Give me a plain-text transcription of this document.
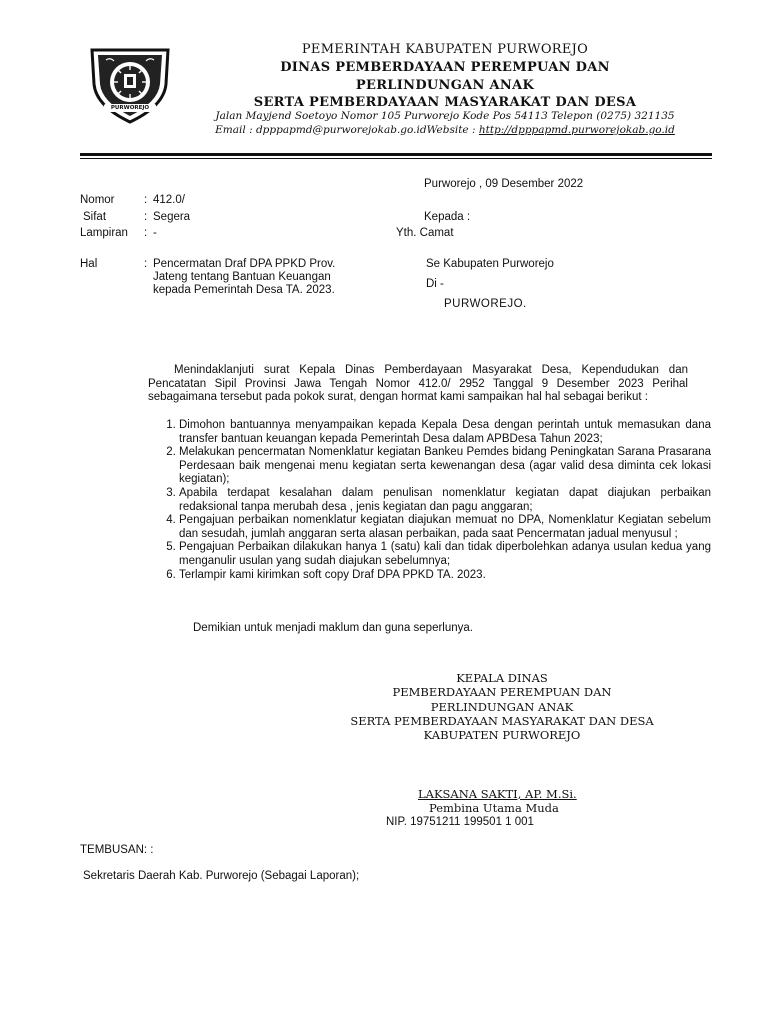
PURWOREJO
PEMERINTAH KABUPATEN PURWOREJO
DINAS PEMBERDAYAAN PEREMPUAN DAN
PERLINDUNGAN ANAK
SERTA PEMBERDAYAAN MASYARAKAT DAN DESA
Jalan Mayjend Soetoyo Nomor 105 Purworejo Kode Pos 54113 Telepon (0275) 321135
Email : dpppapmd@purworejokab.go.idWebsite : http://dpppapmd.purworejokab.go.id
Purworejo , 09 Desember 2022
Nomor	: 412.0/
Sifat	: Segera
Lampiran : -
Hal	: Pencermatan Draf DPA PPKD Prov.
Jateng tentang Bantuan Keuangan
kepada Pemerintah Desa TA. 2023.
Kepada :
Yth. Camat
Se Kabupaten Purworejo
Di -
PURWOREJO.

Menindaklanjuti surat Kepala Dinas Pemberdayaan Masyarakat Desa, Kependudukan dan Pencatatan Sipil Provinsi Jawa Tengah Nomor 412.0/ 2952 Tanggal 9 Desember 2023 Perihal sebagaimana tersebut pada pokok surat, dengan hormat kami sampaikan hal hal sebagai berikut :

1. Dimohon bantuannya menyampaikan kepada Kepala Desa dengan perintah untuk memasukan dana transfer bantuan keuangan kepada Pemerintah Desa dalam APBDesa Tahun 2023;
2. Melakukan pencermatan Nomenklatur kegiatan Bankeu Pemdes bidang Peningkatan Sarana Prasarana Perdesaan baik mengenai menu kegiatan serta kewenangan desa (agar valid desa diminta cek lokasi kegiatan);
3. Apabila terdapat kesalahan dalam penulisan nomenklatur kegiatan dapat diajukan perbaikan redaksional tanpa merubah desa , jenis kegiatan dan pagu anggaran;
4. Pengajuan perbaikan nomenklatur kegiatan diajukan memuat no DPA, Nomenklatur Kegiatan sebelum dan sesudah, jumlah anggaran serta alasan perbaikan, pada saat Pencermatan jadual menyusul ;
5. Pengajuan Perbaikan dilakukan hanya 1 (satu) kali dan tidak diperbolehkan adanya usulan kedua yang menganulir usulan yang sudah diajukan sebelumnya;
6. Terlampir kami kirimkan soft copy Draf DPA PPKD TA. 2023.
Demikian untuk menjadi maklum dan guna seperlunya.
KEPALA DINAS
PEMBERDAYAAN PEREMPUAN DAN
PERLINDUNGAN ANAK
SERTA PEMBERDAYAAN MASYARAKAT DAN DESA
KABUPATEN PURWOREJO
LAKSANA SAKTI, AP. M.Si.
Pembina Utama Muda
NIP. 19751211 199501 1 001
TEMBUSAN: :
Sekretaris Daerah Kab. Purworejo (Sebagai Laporan);
